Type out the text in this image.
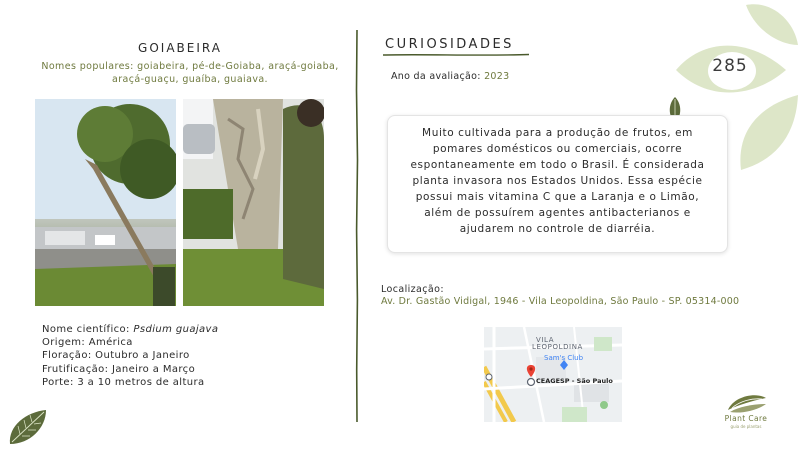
285
GOIABEIRA
Nomes populares: goiabeira, pé-de-Goiaba, araçá-goiaba, araçá-guaçu, guaíba, guaiava.
Nome científico: Psdium guajava
Origem: América
Floração: Outubro a Janeiro
Frutificação: Janeiro a Março
Porte: 3 a 10 metros de altura
CURIOSIDADES
Ano da avaliação: 2023
Muito cultivada para a produção de frutos, em pomares domésticos ou comerciais, ocorre espontaneamente em todo o Brasil. É considerada planta invasora nos Estados Unidos. Essa espécie possui mais vitamina C que a Laranja e o Limão, além de possuírem agentes antibacterianos e ajudarem no controle de diarréia.
Localização:
Av. Dr. Gastão Vidigal, 1946 - Vila Leopoldina, São Paulo - SP. 05314-000
VILA
LEOPOLDINA
Sam's Club
CEAGESP - São Paulo
Plant Care
guia de plantas
